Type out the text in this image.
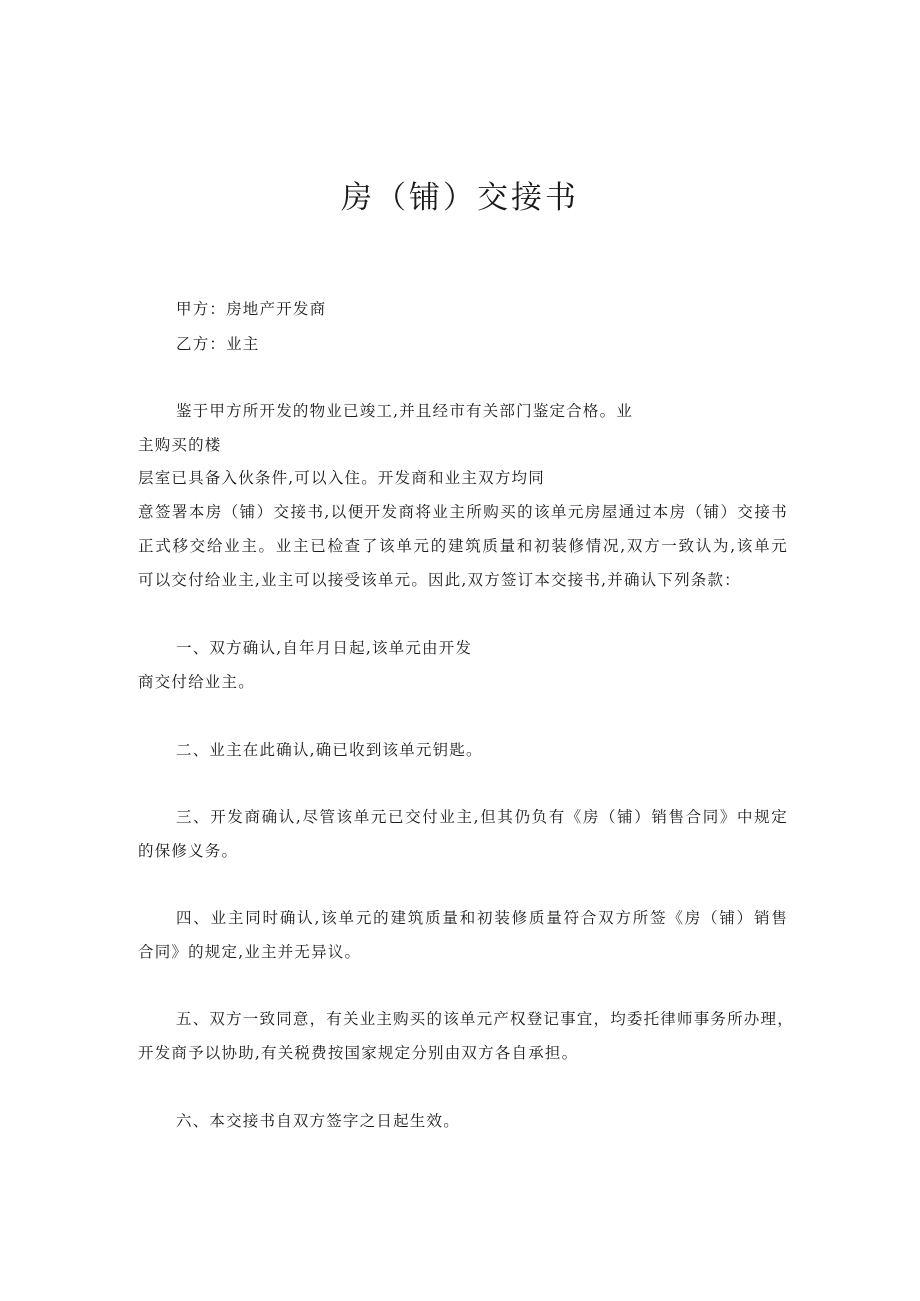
房（铺）交接书
甲方：房地产开发商
乙方：业主
鉴于甲方所开发的物业已竣工,并且经市有关部门鉴定合格。业
主购买的楼
层室已具备入伙条件,可以入住。开发商和业主双方均同
意签署本房（铺）交接书,以便开发商将业主所购买的该单元房屋通过本房（铺）交接书
正式移交给业主。业主已检查了该单元的建筑质量和初装修情况,双方一致认为,该单元
可以交付给业主,业主可以接受该单元。因此,双方签订本交接书,并确认下列条款：
一、双方确认,自年月日起,该单元由开发
商交付给业主。
二、业主在此确认,确已收到该单元钥匙。
三、开发商确认,尽管该单元已交付业主,但其仍负有《房（铺）销售合同》中规定
的保修义务。
四、业主同时确认,该单元的建筑质量和初装修质量符合双方所签《房（铺）销售
合同》的规定,业主并无异议。
五、双方一致同意，有关业主购买的该单元产权登记事宜，均委托律师事务所办理，
开发商予以协助,有关税费按国家规定分别由双方各自承担。
六、本交接书自双方签字之日起生效。
